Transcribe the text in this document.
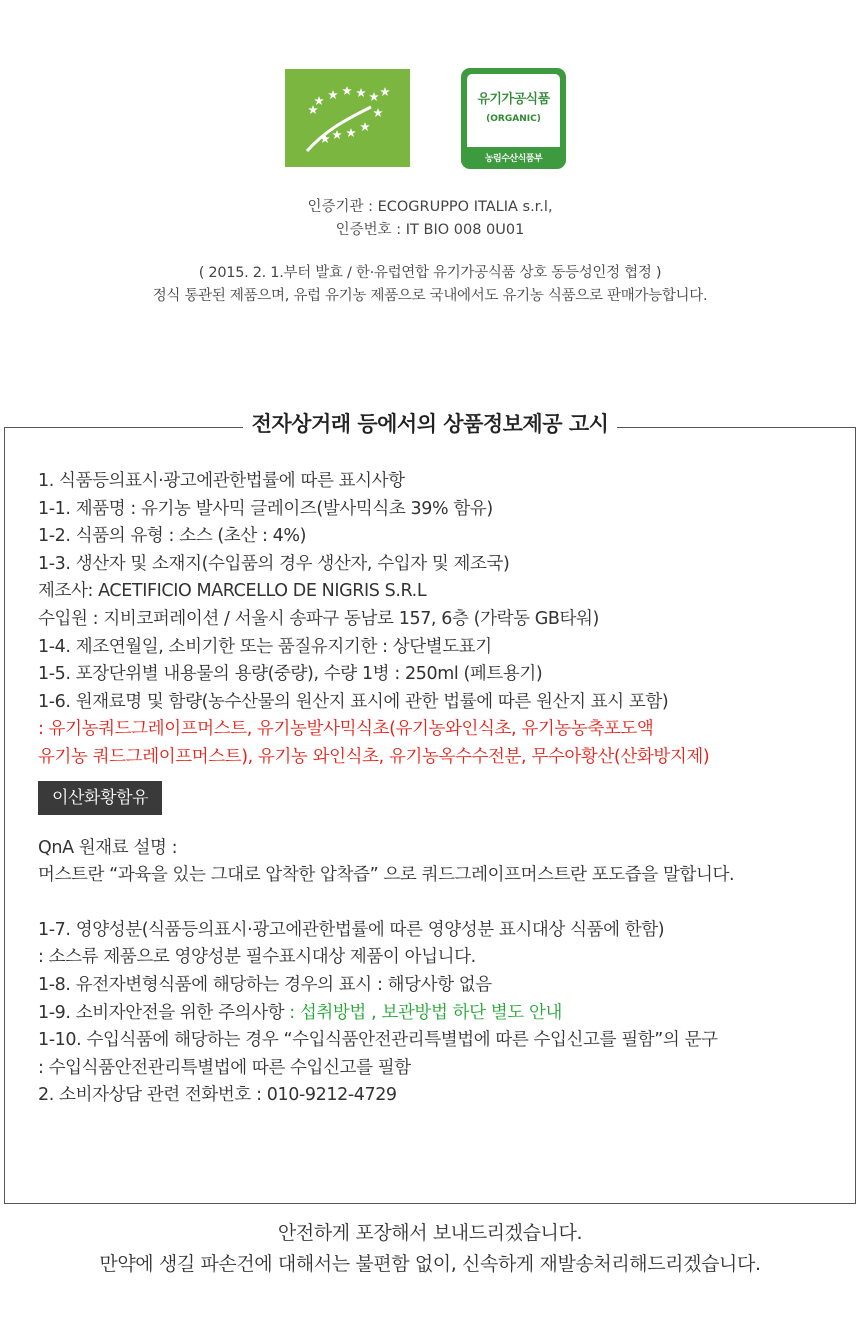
유기가공식품
(ORGANIC)
농림수산식품부
인증기관 : ECOGRUPPO ITALIA s.r.l,
인증번호 : IT BIO 008 0U01
( 2015. 2. 1.부터 발효 / 한·유럽연합 유기가공식품 상호 동등성인정 협정 )
정식 통관된 제품으며, 유럽 유기농 제품으로 국내에서도 유기농 식품으로 판매가능합니다.
전자상거래 등에서의 상품정보제공 고시
1. 식품등의표시·광고에관한법률에 따른 표시사항
1-1. 제품명 : 유기농 발사믹 글레이즈(발사믹식초 39% 함유)
1-2. 식품의 유형 : 소스 (초산 : 4%)
1-3. 생산자 및 소재지(수입품의 경우 생산자, 수입자 및 제조국)
제조사: ACETIFICIO MARCELLO DE NIGRIS S.R.L
수입원 : 지비코퍼레이션 / 서울시 송파구 동남로 157, 6층 (가락동 GB타워)
1-4. 제조연월일, 소비기한 또는 품질유지기한 : 상단별도표기
1-5. 포장단위별 내용물의 용량(중량), 수량 1병 : 250ml (페트용기)
1-6. 원재료명 및 함량(농수산물의 원산지 표시에 관한 법률에 따른 원산지 표시 포함)
: 유기농쿼드그레이프머스트, 유기농발사믹식초(유기농와인식초, 유기농농축포도액
유기농 쿼드그레이프머스트), 유기농 와인식초, 유기농옥수수전분, 무수아황산(산화방지제)
이산화황함유
QnA 원재료 설명 :
머스트란 “과육을 있는 그대로 압착한 압착즙” 으로 쿼드그레이프머스트란 포도즙을 말합니다.
1-7. 영양성분(식품등의표시·광고에관한법률에 따른 영양성분 표시대상 식품에 한함)
: 소스류 제품으로 영양성분 필수표시대상 제품이 아닙니다.
1-8. 유전자변형식품에 해당하는 경우의 표시 : 해당사항 없음
1-9. 소비자안전을 위한 주의사항 : 섭취방법 , 보관방법 하단 별도 안내
1-10. 수입식품에 해당하는 경우 “수입식품안전관리특별법에 따른 수입신고를 필함”의 문구
: 수입식품안전관리특별법에 따른 수입신고를 필함
2. 소비자상담 관련 전화번호 : 010-9212-4729
안전하게 포장해서 보내드리겠습니다.
만약에 생길 파손건에 대해서는 불편함 없이, 신속하게 재발송처리해드리겠습니다.
